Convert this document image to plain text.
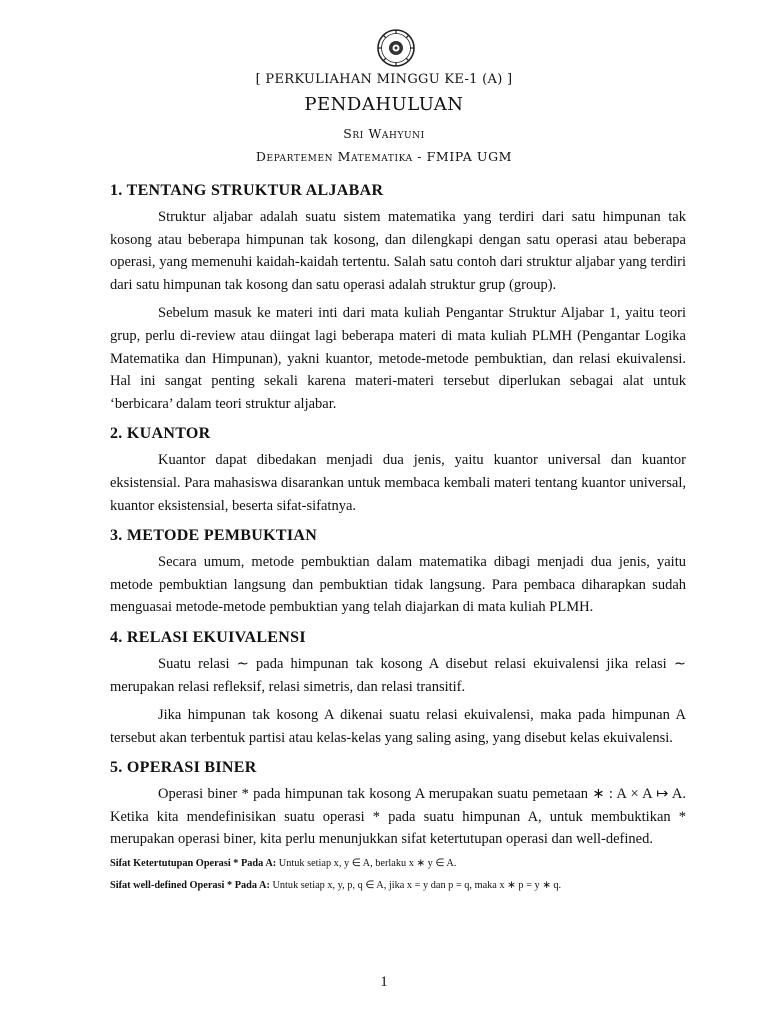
[ PERKULIAHAN MINGGU KE-1 (A) ]
PENDAHULUAN
Sri Wahyuni
Departemen Matematika - FMIPA UGM
1. TENTANG STRUKTUR ALJABAR

Struktur aljabar adalah suatu sistem matematika yang terdiri dari satu himpunan tak kosong atau beberapa himpunan tak kosong, dan dilengkapi dengan satu operasi atau beberapa operasi, yang memenuhi kaidah-kaidah tertentu. Salah satu contoh dari struktur aljabar yang terdiri dari satu himpunan tak kosong dan satu operasi adalah struktur grup (group).

Sebelum masuk ke materi inti dari mata kuliah Pengantar Struktur Aljabar 1, yaitu teori grup, perlu di-review atau diingat lagi beberapa materi di mata kuliah PLMH (Pengantar Logika Matematika dan Himpunan), yakni kuantor, metode-metode pembuktian, dan relasi ekuivalensi. Hal ini sangat penting sekali karena materi-materi tersebut diperlukan sebagai alat untuk ‘berbicara’ dalam teori struktur aljabar.

2. KUANTOR

Kuantor dapat dibedakan menjadi dua jenis, yaitu kuantor universal dan kuantor eksistensial. Para mahasiswa disarankan untuk membaca kembali materi tentang kuantor universal, kuantor eksistensial, beserta sifat-sifatnya.

3. METODE PEMBUKTIAN

Secara umum, metode pembuktian dalam matematika dibagi menjadi dua jenis, yaitu metode pembuktian langsung dan pembuktian tidak langsung. Para pembaca diharapkan sudah menguasai metode-metode pembuktian yang telah diajarkan di mata kuliah PLMH.

4. RELASI EKUIVALENSI

Suatu relasi ∼ pada himpunan tak kosong A disebut relasi ekuivalensi jika relasi ∼ merupakan relasi refleksif, relasi simetris, dan relasi transitif.

Jika himpunan tak kosong A dikenai suatu relasi ekuivalensi, maka pada himpunan A tersebut akan terbentuk partisi atau kelas-kelas yang saling asing, yang disebut kelas ekuivalensi.

5. OPERASI BINER

Operasi biner * pada himpunan tak kosong A merupakan suatu pemetaan ∗ : A × A ↦ A. Ketika kita mendefinisikan suatu operasi * pada suatu himpunan A, untuk membuktikan * merupakan operasi biner, kita perlu menunjukkan sifat ketertutupan operasi dan well-defined.

Sifat Ketertutupan Operasi * Pada A: Untuk setiap x, y ∈ A, berlaku x ∗ y ∈ A.
Sifat well-defined Operasi * Pada A: Untuk setiap x, y, p, q ∈ A, jika x = y dan p = q, maka x ∗ p = y ∗ q.
1
